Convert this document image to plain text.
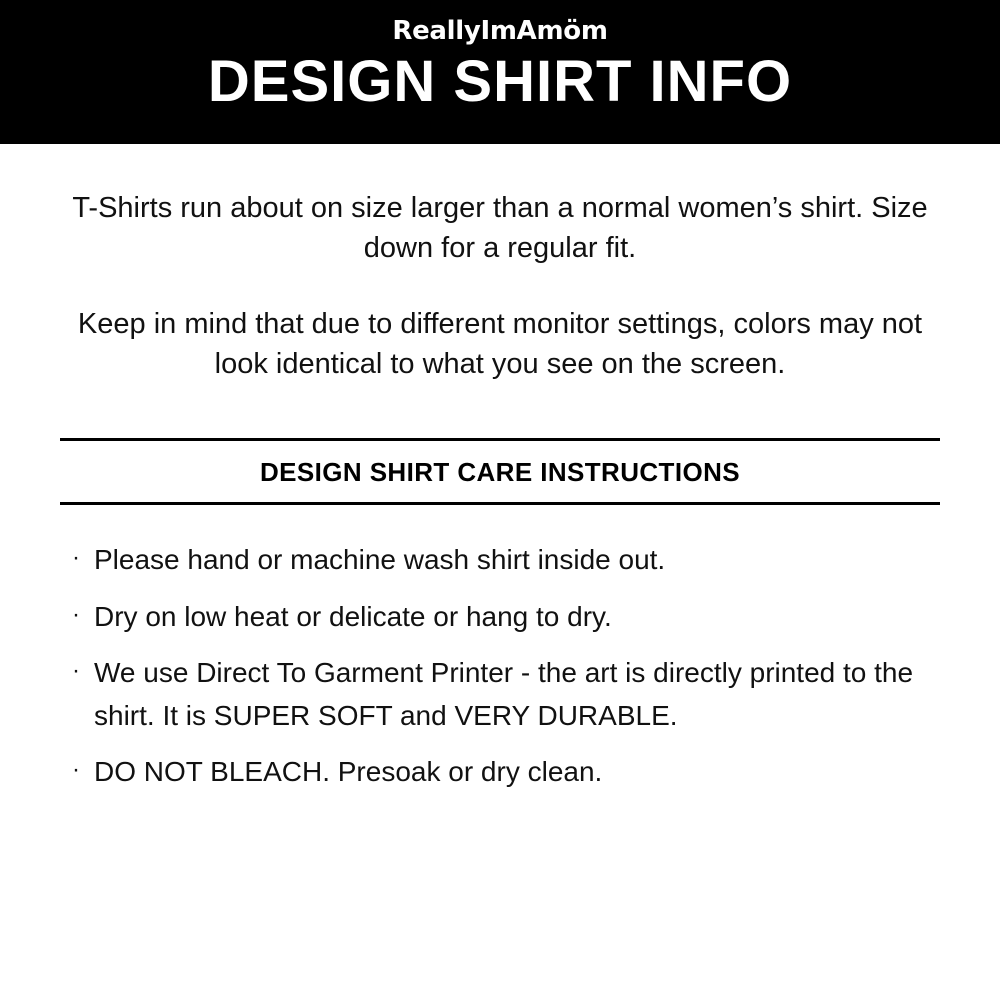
ReallyImAmöm
DESIGN SHIRT INFO

T-Shirts run about on size larger than a normal women’s shirt. Size down for a regular fit.

Keep in mind that due to different monitor settings, colors may not look identical to what you see on the screen.

DESIGN SHIRT CARE INSTRUCTIONS
· Please hand or machine wash shirt inside out.
· Dry on low heat or delicate or hang to dry.
· We use Direct To Garment Printer - the art is directly printed to the shirt. It is SUPER SOFT and VERY DURABLE.
· DO NOT BLEACH. Presoak or dry clean.
